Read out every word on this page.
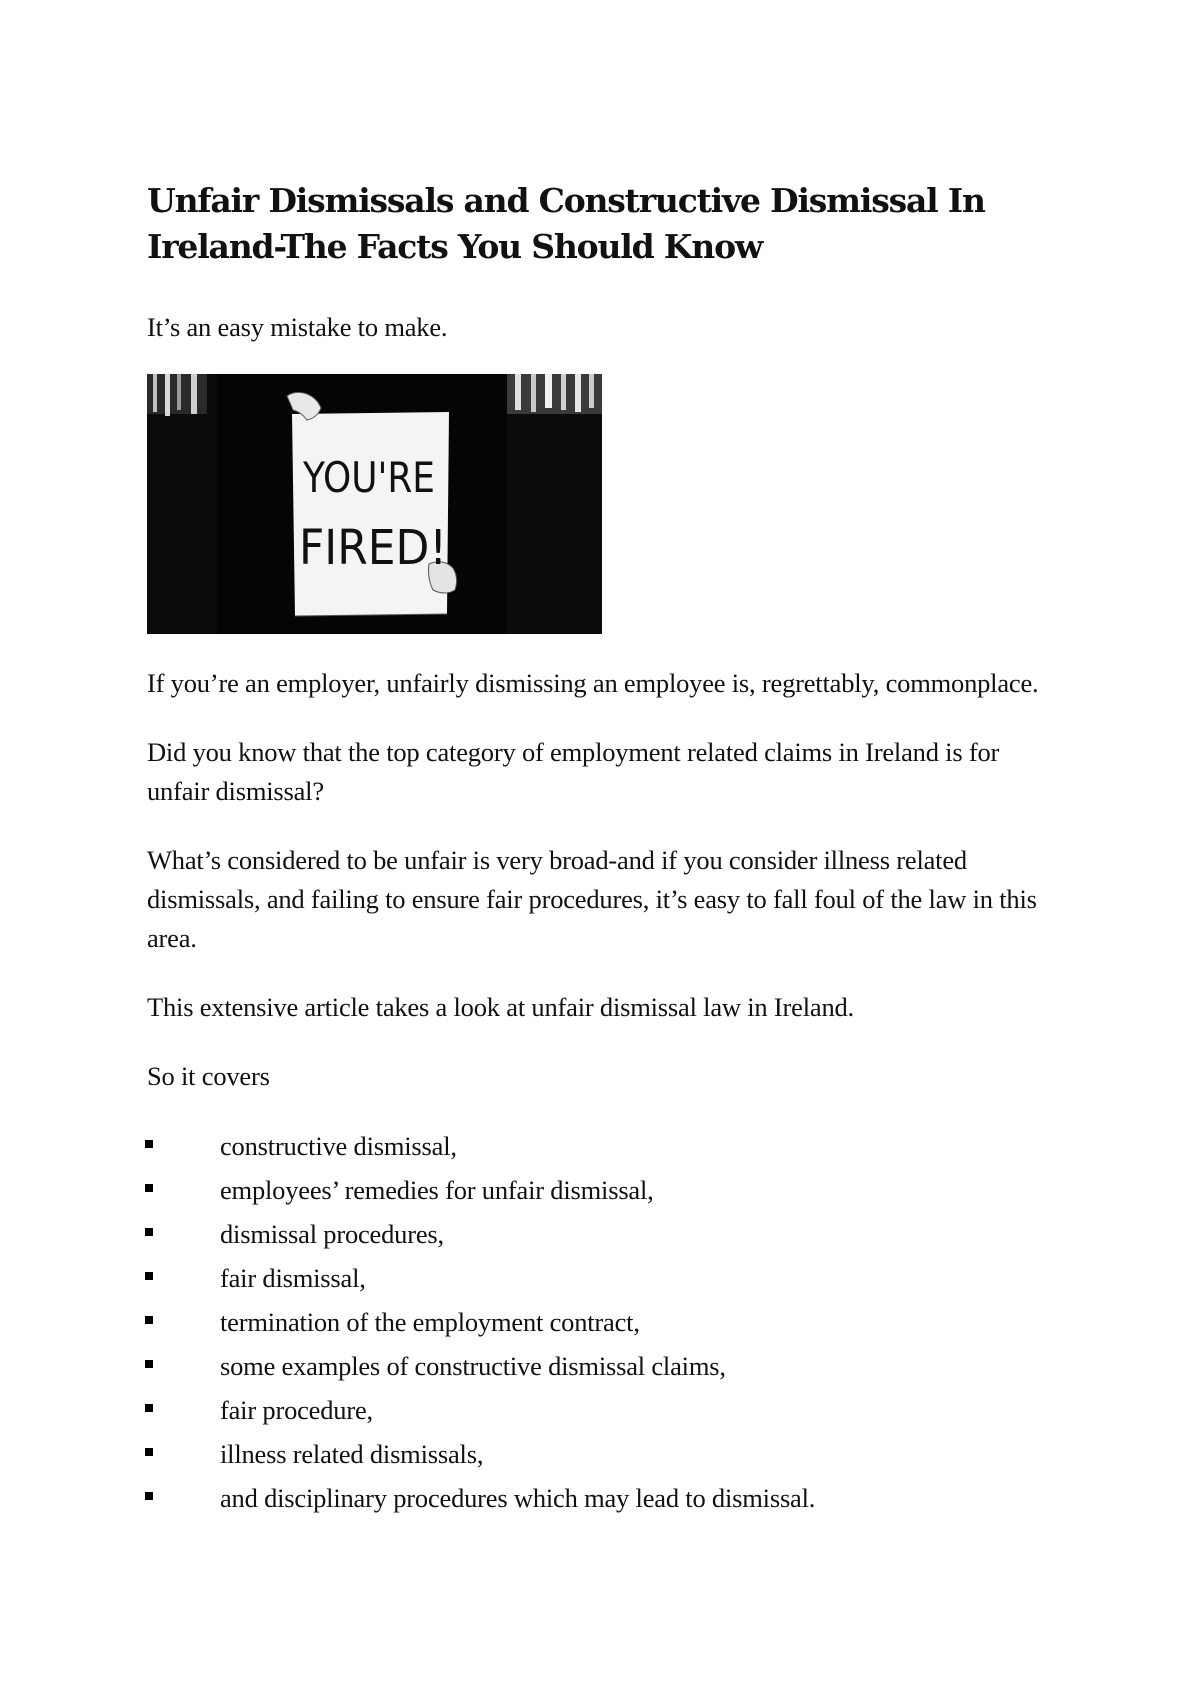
Unfair Dismissals and Constructive Dismissal In Ireland-The Facts You Should Know

It’s an easy mistake to make.

YOU'RE
FIRED!

If you’re an employer, unfairly dismissing an employee is, regrettably, commonplace.

Did you know that the top category of employment related claims in Ireland is for unfair dismissal?

What’s considered to be unfair is very broad-and if you consider illness related dismissals, and failing to ensure fair procedures, it’s easy to fall foul of the law in this area.

This extensive article takes a look at unfair dismissal law in Ireland.

So it covers

constructive dismissal,
employees’ remedies for unfair dismissal,
dismissal procedures,
fair dismissal,
termination of the employment contract,
some examples of constructive dismissal claims,
fair procedure,
illness related dismissals,
and disciplinary procedures which may lead to dismissal.
